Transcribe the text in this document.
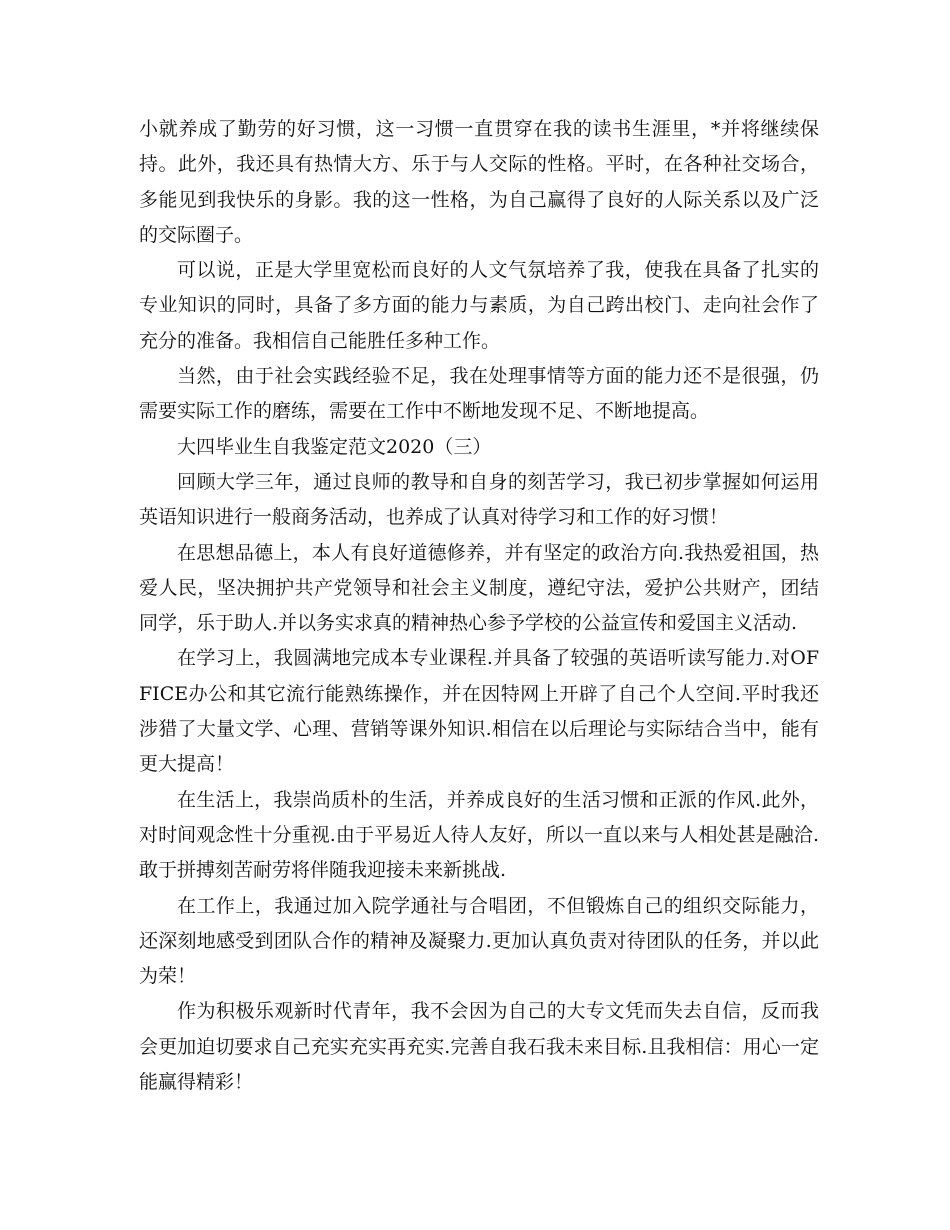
小就养成了勤劳的好习惯，这一习惯一直贯穿在我的读书生涯里，*并将继续保持。此外，我还具有热情大方、乐于与人交际的性格。平时，在各种社交场合，多能见到我快乐的身影。我的这一性格，为自己赢得了良好的人际关系以及广泛的交际圈子。

可以说，正是大学里宽松而良好的人文气氛培养了我，使我在具备了扎实的专业知识的同时，具备了多方面的能力与素质，为自己跨出校门、走向社会作了充分的准备。我相信自己能胜任多种工作。

当然，由于社会实践经验不足，我在处理事情等方面的能力还不是很强，仍需要实际工作的磨练，需要在工作中不断地发现不足、不断地提高。

大四毕业生自我鉴定范文2020（三）

回顾大学三年，通过良师的教导和自身的刻苦学习，我已初步掌握如何运用英语知识进行一般商务活动，也养成了认真对待学习和工作的好习惯！

在思想品德上，本人有良好道德修养，并有坚定的政治方向.我热爱祖国，热爱人民，坚决拥护共产党领导和社会主义制度，遵纪守法，爱护公共财产，团结同学，乐于助人.并以务实求真的精神热心参予学校的公益宣传和爱国主义活动.

在学习上，我圆满地完成本专业课程.并具备了较强的英语听读写能力.对OFFICE办公和其它流行能熟练操作，并在因特网上开辟了自己个人空间.平时我还涉猎了大量文学、心理、营销等课外知识.相信在以后理论与实际结合当中，能有更大提高！

在生活上，我崇尚质朴的生活，并养成良好的生活习惯和正派的作风.此外，对时间观念性十分重视.由于平易近人待人友好，所以一直以来与人相处甚是融洽.敢于拼搏刻苦耐劳将伴随我迎接未来新挑战.

在工作上，我通过加入院学通社与合唱团，不但锻炼自己的组织交际能力，还深刻地感受到团队合作的精神及凝聚力.更加认真负责对待团队的任务，并以此为荣！

作为积极乐观新时代青年，我不会因为自己的大专文凭而失去自信，反而我会更加迫切要求自己充实充实再充实.完善自我石我未来目标.且我相信：用心一定能赢得精彩！
